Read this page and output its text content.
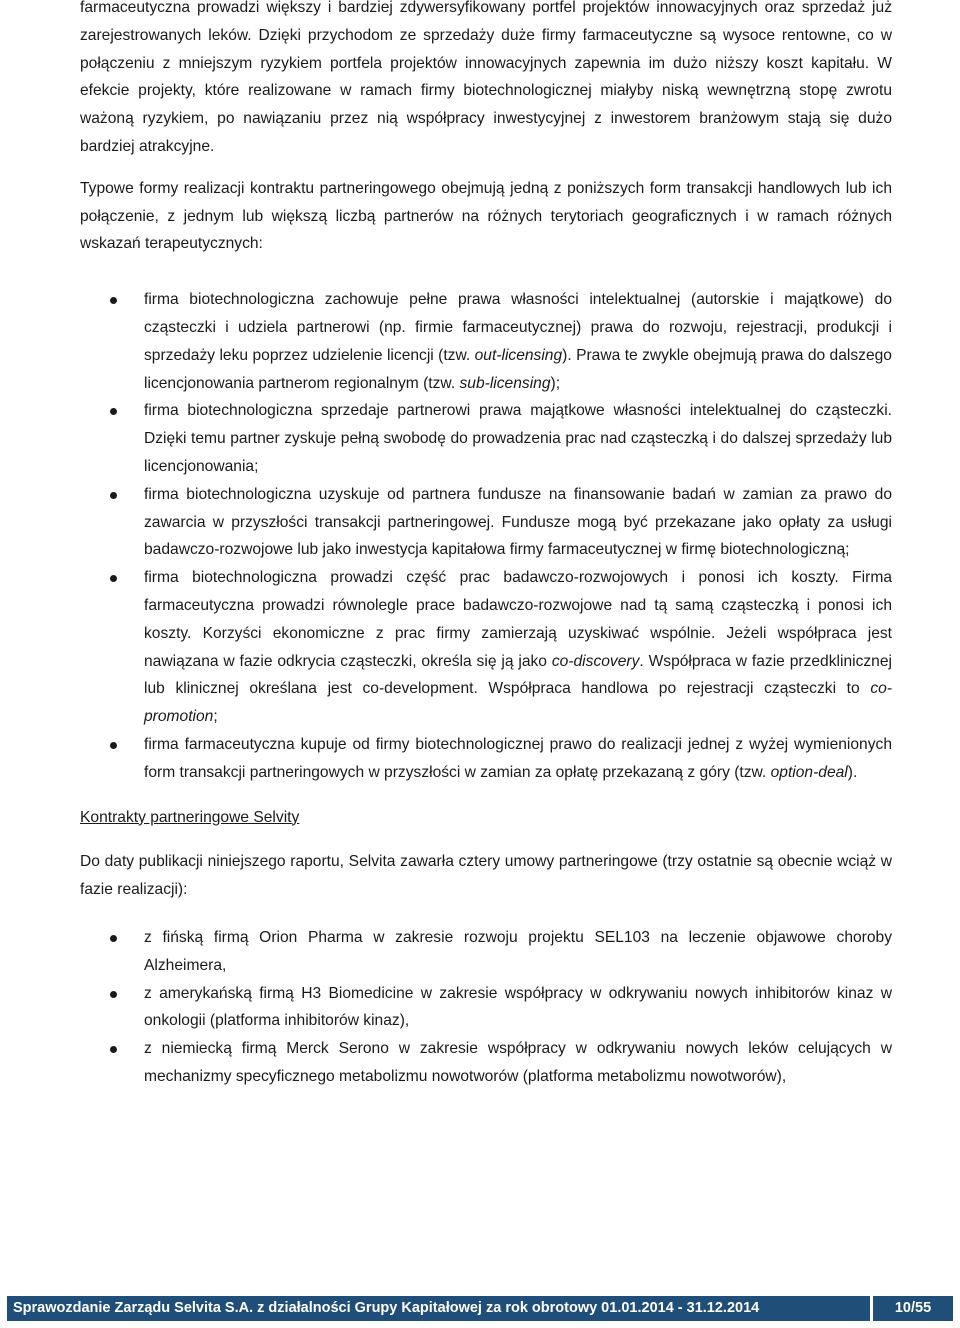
farmaceutyczna prowadzi większy i bardziej zdywersyfikowany portfel projektów innowacyjnych oraz sprzedaż już zarejestrowanych leków. Dzięki przychodom ze sprzedaży duże firmy farmaceutyczne są wysoce rentowne, co w połączeniu z mniejszym ryzykiem portfela projektów innowacyjnych zapewnia im dużo niższy koszt kapitału. W efekcie projekty, które realizowane w ramach firmy biotechnologicznej miałyby niską wewnętrzną stopę zwrotu ważoną ryzykiem, po nawiązaniu przez nią współpracy inwestycyjnej z inwestorem branżowym stają się dużo bardziej atrakcyjne.

Typowe formy realizacji kontraktu partneringowego obejmują jedną z poniższych form transakcji handlowych lub ich połączenie, z jednym lub większą liczbą partnerów na różnych terytoriach geograficznych i w ramach różnych wskazań terapeutycznych:

firma biotechnologiczna zachowuje pełne prawa własności intelektualnej (autorskie i majątkowe) do cząsteczki i udziela partnerowi (np. firmie farmaceutycznej) prawa do rozwoju, rejestracji, produkcji i sprzedaży leku poprzez udzielenie licencji (tzw. out-licensing). Prawa te zwykle obejmują prawa do dalszego licencjonowania partnerom regionalnym (tzw. sub-licensing);
firma biotechnologiczna sprzedaje partnerowi prawa majątkowe własności intelektualnej do cząsteczki. Dzięki temu partner zyskuje pełną swobodę do prowadzenia prac nad cząsteczką i do dalszej sprzedaży lub licencjonowania;
firma biotechnologiczna uzyskuje od partnera fundusze na finansowanie badań w zamian za prawo do zawarcia w przyszłości transakcji partneringowej. Fundusze mogą być przekazane jako opłaty za usługi badawczo-rozwojowe lub jako inwestycja kapitałowa firmy farmaceutycznej w firmę biotechnologiczną;
firma biotechnologiczna prowadzi część prac badawczo-rozwojowych i ponosi ich koszty. Firma farmaceutyczna prowadzi równolegle prace badawczo-rozwojowe nad tą samą cząsteczką i ponosi ich koszty. Korzyści ekonomiczne z prac firmy zamierzają uzyskiwać wspólnie. Jeżeli współpraca jest nawiązana w fazie odkrycia cząsteczki, określa się ją jako co-discovery. Współpraca w fazie przedklinicznej lub klinicznej określana jest co-development. Współpraca handlowa po rejestracji cząsteczki to co-promotion;
firma farmaceutyczna kupuje od firmy biotechnologicznej prawo do realizacji jednej z wyżej wymienionych form transakcji partneringowych w przyszłości w zamian za opłatę przekazaną z góry (tzw. option-deal).
Kontrakty partneringowe Selvity

Do daty publikacji niniejszego raportu, Selvita zawarła cztery umowy partneringowe (trzy ostatnie są obecnie wciąż w fazie realizacji):

z fińską firmą Orion Pharma w zakresie rozwoju projektu SEL103 na leczenie objawowe choroby Alzheimera,
z amerykańską firmą H3 Biomedicine w zakresie współpracy w odkrywaniu nowych inhibitorów kinaz w onkologii (platforma inhibitorów kinaz),
z niemiecką firmą Merck Serono w zakresie współpracy w odkrywaniu nowych leków celujących w mechanizmy specyficznego metabolizmu nowotworów (platforma metabolizmu nowotworów),
Sprawozdanie Zarządu Selvita S.A. z działalności Grupy Kapitałowej za rok obrotowy 01.01.2014 - 31.12.2014	10/55
